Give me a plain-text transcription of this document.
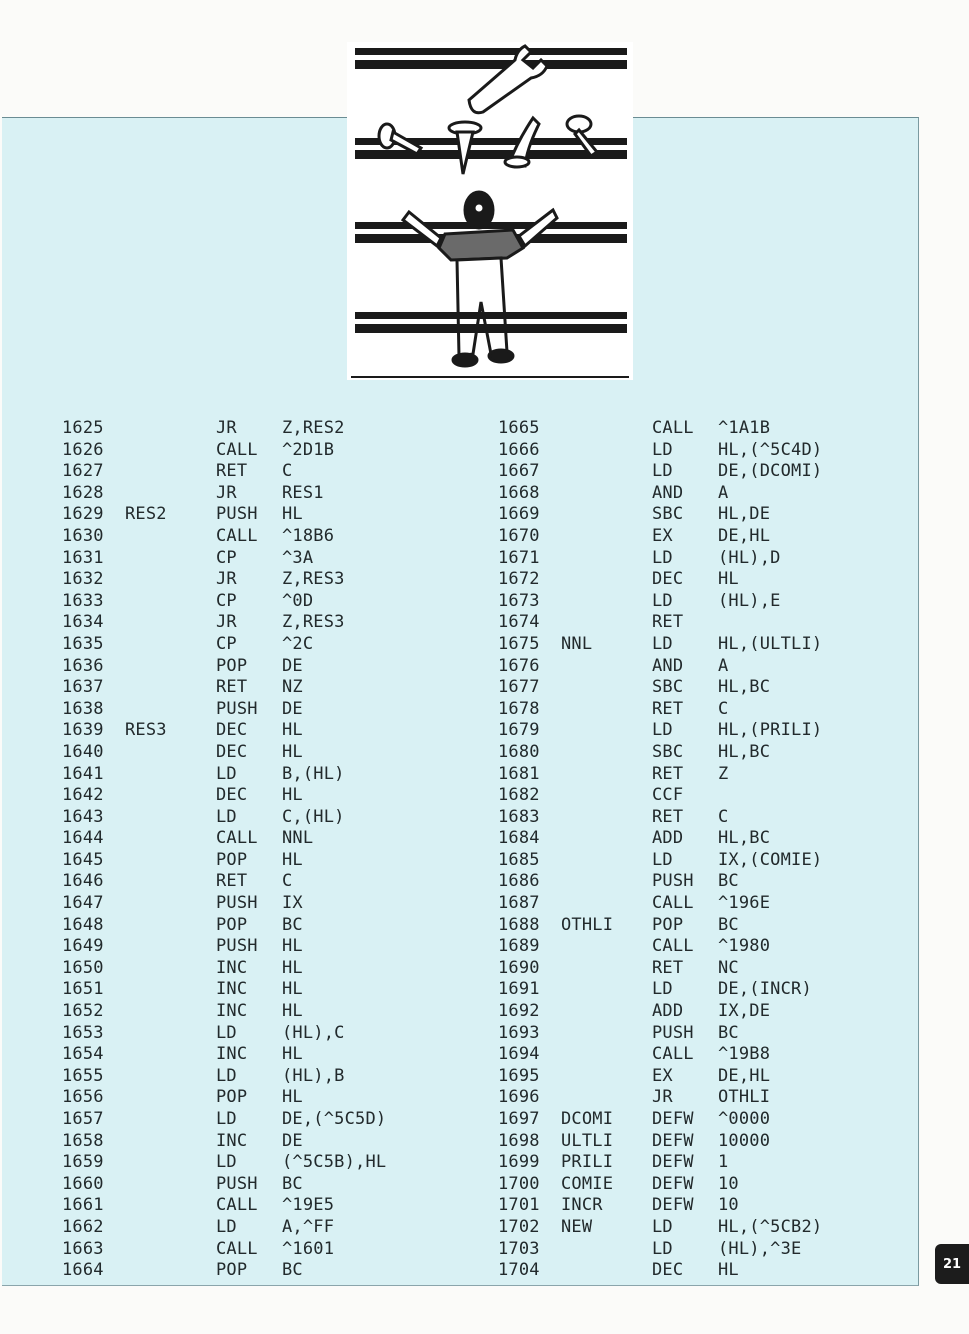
1625	JR	Z,RES2
1626	CALL ^2D1B
1627	RET C
1628	JR	RES1
1629 RES2	PUSH HL
1630	CALL ^18B6
1631	CP	^3A
1632	JR	Z,RES3
1633	CP	^0D
1634	JR	Z,RES3
1635	CP	^2C
1636	POP DE
1637	RET NZ
1638	PUSH DE
1639 RES3	DEC HL
1640	DEC HL
1641	LD	B,(HL)
1642	DEC HL
1643	LD	C,(HL)
1644	CALL NNL
1645	POP HL
1646	RET C
1647	PUSH IX
1648	POP BC
1649	PUSH HL
1650	INC HL
1651	INC HL
1652	INC HL
1653	LD	(HL),C
1654	INC HL
1655	LD	(HL),B
1656	POP HL
1657	LD	DE,(^5C5D)
1658	INC DE
1659	LD	(^5C5B),HL
1660	PUSH BC
1661	CALL ^19E5
1662	LD	A,^FF
1663	CALL ^1601
1664	POP BC
1665	CALL ^1A1B
1666	LD	HL,(^5C4D)
1667	LD	DE,(DCOMI)
1668	AND A
1669	SBC HL,DE
1670	EX	DE,HL
1671	LD	(HL),D
1672	DEC HL
1673	LD	(HL),E
1674	RET
1675 NNL	LD	HL,(ULTLI)
1676	AND A
1677	SBC HL,BC
1678	RET C
1679	LD	HL,(PRILI)
1680	SBC HL,BC
1681	RET Z
1682	CCF
1683	RET C
1684	ADD HL,BC
1685	LD	IX,(COMIE)
1686	PUSH BC
1687	CALL ^196E
1688 OTHLI POP BC
1689	CALL ^1980
1690	RET NC
1691	LD	DE,(INCR)
1692	ADD IX,DE
1693	PUSH BC
1694	CALL ^19B8
1695	EX	DE,HL
1696	JR	OTHLI
1697 DCOMI DEFW ^0000
1698 ULTLI DEFW 10000
1699 PRILI DEFW 1
1700 COMIE DEFW 10
1701 INCR	DEFW 10
1702 NEW	LD	HL,(^5CB2)
1703	LD	(HL),^3E
1704	DEC HL	21
